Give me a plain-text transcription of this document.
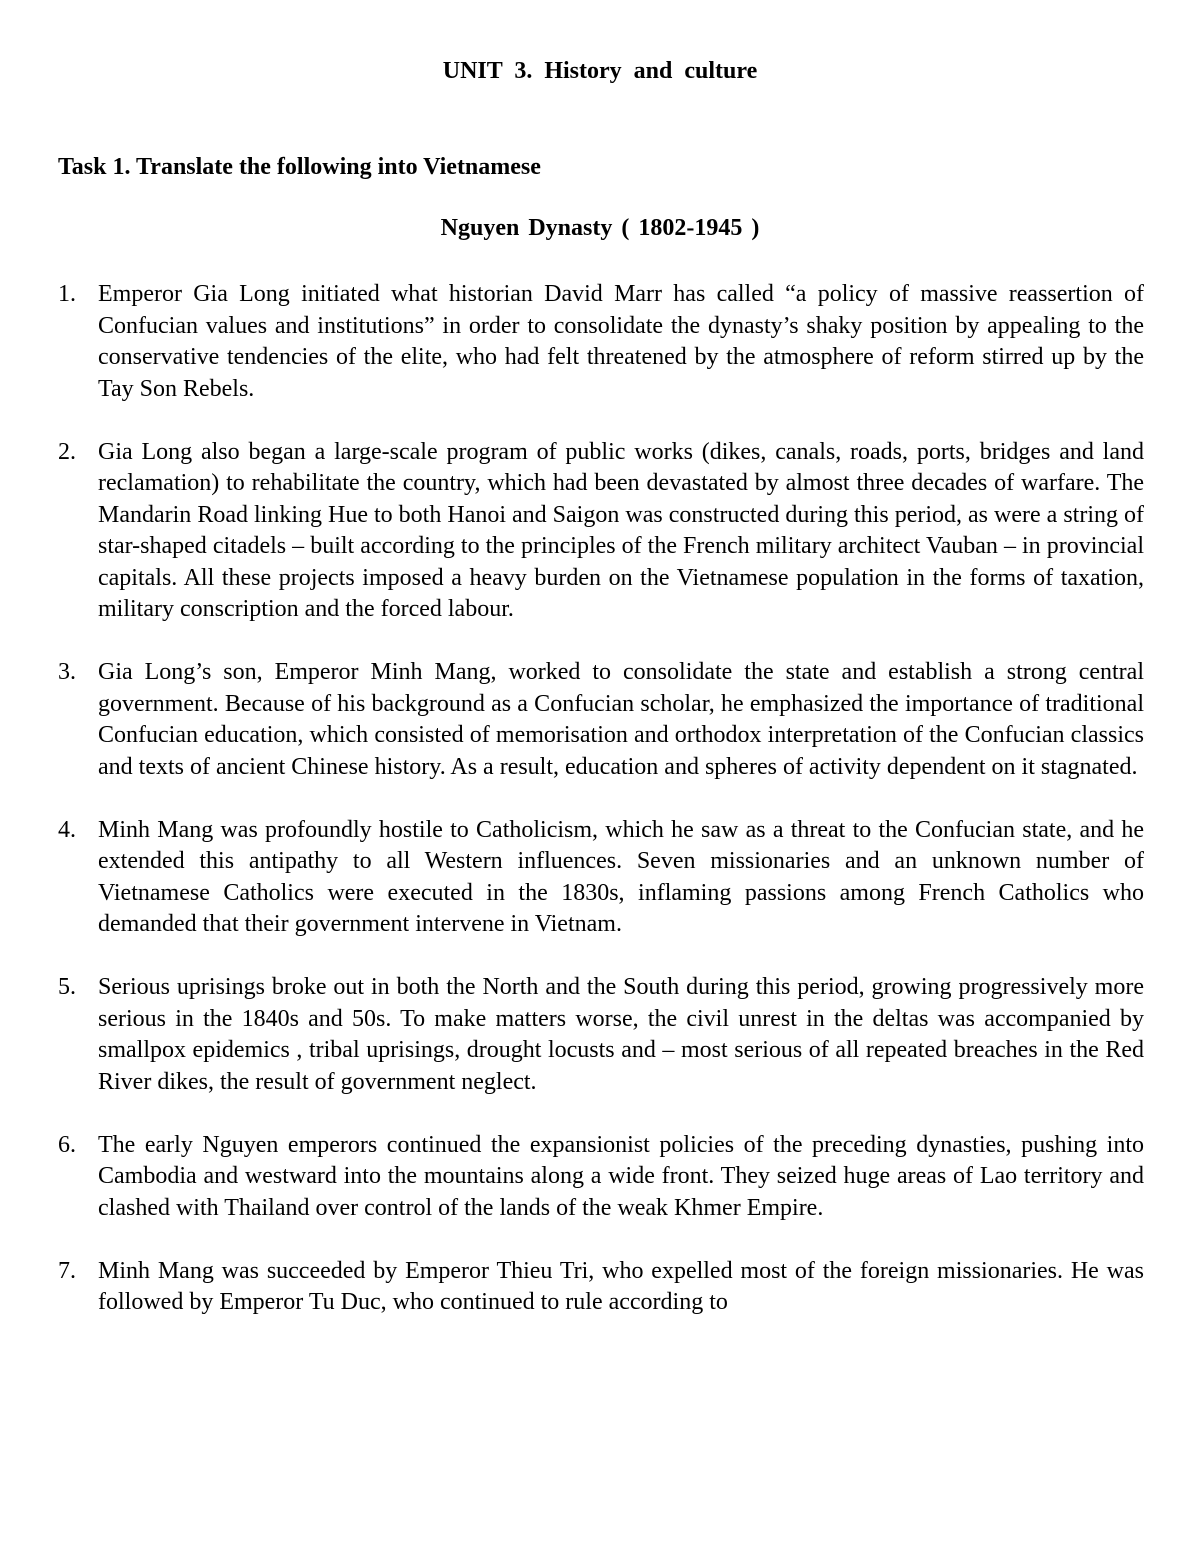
UNIT 3. History and culture
Task 1. Translate the following into Vietnamese
Nguyen Dynasty ( 1802-1945 )
1. Emperor Gia Long initiated what historian David Marr has called “a policy of massive reassertion of Confucian values and institutions” in order to consolidate the dynasty’s shaky position by appealing to the conservative tendencies of the elite, who had felt threatened by the atmosphere of reform stirred up by the Tay Son Rebels.
2. Gia Long also began a large-scale program of public works (dikes, canals, roads, ports, bridges and land reclamation) to rehabilitate the country, which had been devastated by almost three decades of warfare. The Mandarin Road linking Hue to both Hanoi and Saigon was constructed during this period, as were a string of star-shaped citadels – built according to the principles of the French military architect Vauban – in provincial capitals. All these projects imposed a heavy burden on the Vietnamese population in the forms of taxation, military conscription and the forced labour.
3. Gia Long’s son, Emperor Minh Mang, worked to consolidate the state and establish a strong central government. Because of his background as a Confucian scholar, he emphasized the importance of traditional Confucian education, which consisted of memorisation and orthodox interpretation of the Confucian classics and texts of ancient Chinese history. As a result, education and spheres of activity dependent on it stagnated.
4. Minh Mang was profoundly hostile to Catholicism, which he saw as a threat to the Confucian state, and he extended this antipathy to all Western influences. Seven missionaries and an unknown number of Vietnamese Catholics were executed in the 1830s, inflaming passions among French Catholics who demanded that their government intervene in Vietnam.
5. Serious uprisings broke out in both the North and the South during this period, growing progressively more serious in the 1840s and 50s. To make matters worse, the civil unrest in the deltas was accompanied by smallpox epidemics , tribal uprisings, drought locusts and – most serious of all repeated breaches in the Red River dikes, the result of government neglect.
6. The early Nguyen emperors continued the expansionist policies of the preceding dynasties, pushing into Cambodia and westward into the mountains along a wide front. They seized huge areas of Lao territory and clashed with Thailand over control of the lands of the weak Khmer Empire.
7. Minh Mang was succeeded by Emperor Thieu Tri, who expelled most of the foreign missionaries. He was followed by Emperor Tu Duc, who continued to rule according to
